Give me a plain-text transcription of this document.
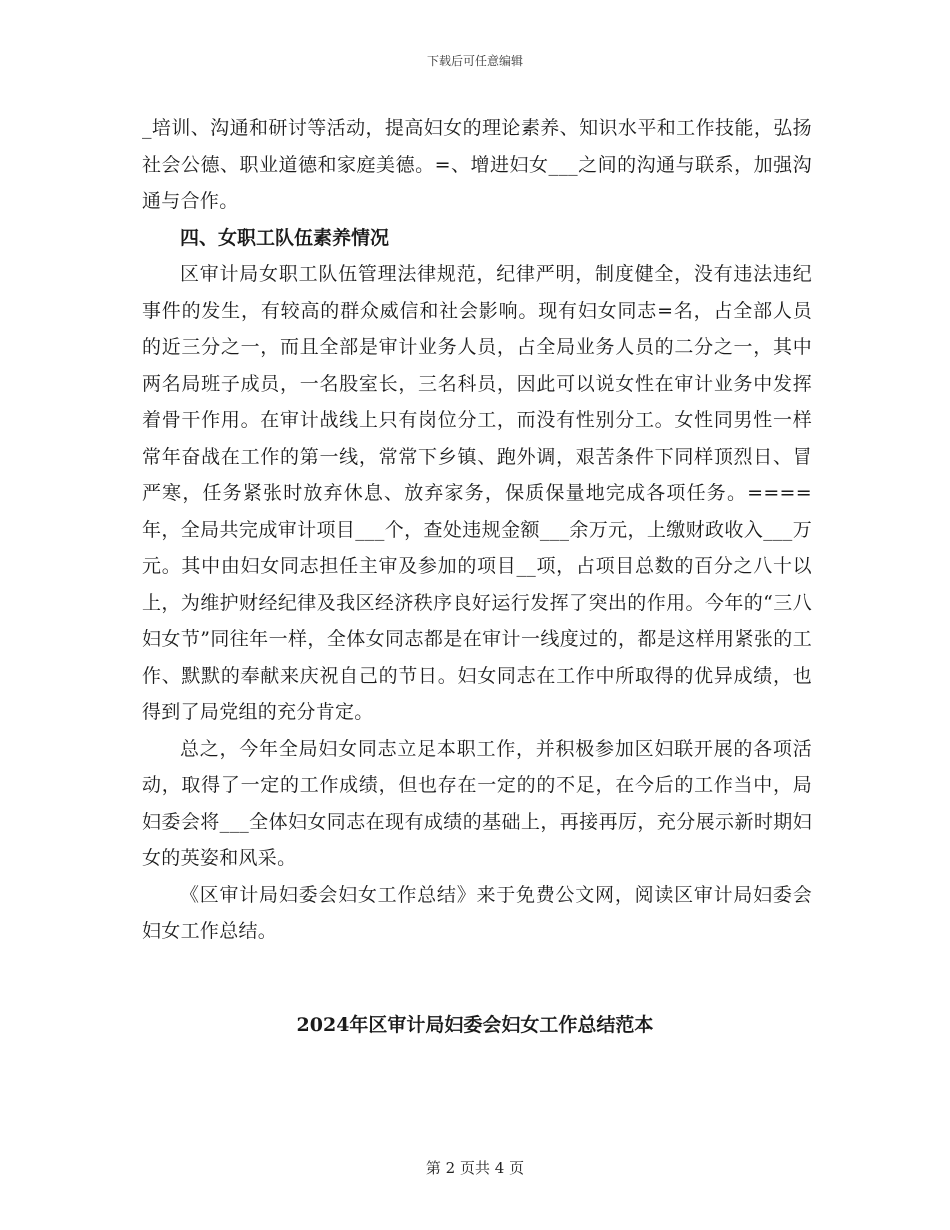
下载后可任意编辑

_培训、沟通和研讨等活动，提高妇女的理论素养、知识水平和工作技能，弘扬社会公德、职业道德和家庭美德。=、增进妇女___之间的沟通与联系，加强沟通与合作。

四、女职工队伍素养情况

区审计局女职工队伍管理法律规范，纪律严明，制度健全，没有违法违纪事件的发生，有较高的群众威信和社会影响。现有妇女同志=名，占全部人员的近三分之一，而且全部是审计业务人员，占全局业务人员的二分之一，其中两名局班子成员，一名股室长，三名科员，因此可以说女性在审计业务中发挥着骨干作用。在审计战线上只有岗位分工，而没有性别分工。女性同男性一样常年奋战在工作的第一线，常常下乡镇、跑外调，艰苦条件下同样顶烈日、冒严寒，任务紧张时放弃休息、放弃家务，保质保量地完成各项任务。====年，全局共完成审计项目___个，查处违规金额___余万元，上缴财政收入___万元。其中由妇女同志担任主审及参加的项目__项，占项目总数的百分之八十以上，为维护财经纪律及我区经济秩序良好运行发挥了突出的作用。今年的“三八妇女节”同往年一样，全体女同志都是在审计一线度过的，都是这样用紧张的工作、默默的奉献来庆祝自己的节日。妇女同志在工作中所取得的优异成绩，也得到了局党组的充分肯定。

总之，今年全局妇女同志立足本职工作，并积极参加区妇联开展的各项活动，取得了一定的工作成绩，但也存在一定的的不足，在今后的工作当中，局妇委会将___全体妇女同志在现有成绩的基础上，再接再厉，充分展示新时期妇女的英姿和风采。

《区审计局妇委会妇女工作总结》来于免费公文网，阅读区审计局妇委会妇女工作总结。

2024年区审计局妇委会妇女工作总结范本
第 2 页共 4 页
